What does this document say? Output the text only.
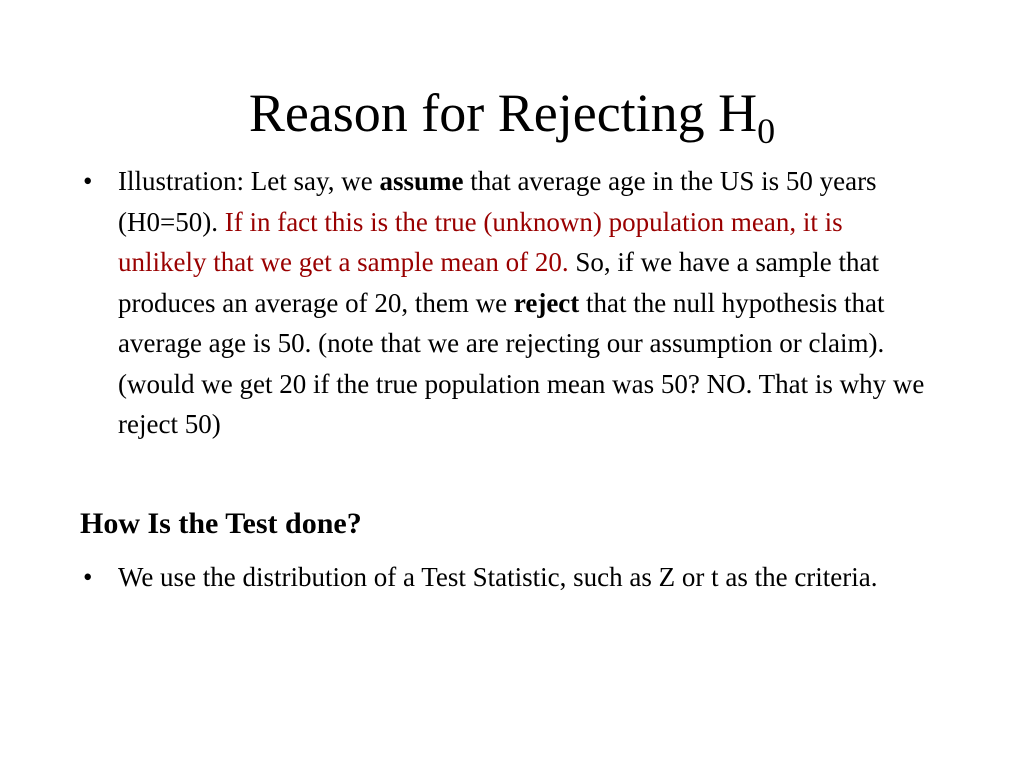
Reason for Rejecting $H_0$
• Illustration: Let say, we assume that average age in the US is 50 years (H0=50). If in fact this is the true (unknown) population mean, it is unlikely that we get a sample mean of 20. So, if we have a sample that produces an average of 20, them we reject that the null hypothesis that average age is 50. (note that we are rejecting our assumption or claim). (would we get 20 if the true population mean was 50? NO. That is why we reject 50)
How Is the Test done?
• We use the distribution of a Test Statistic, such as Z or t as the criteria.
